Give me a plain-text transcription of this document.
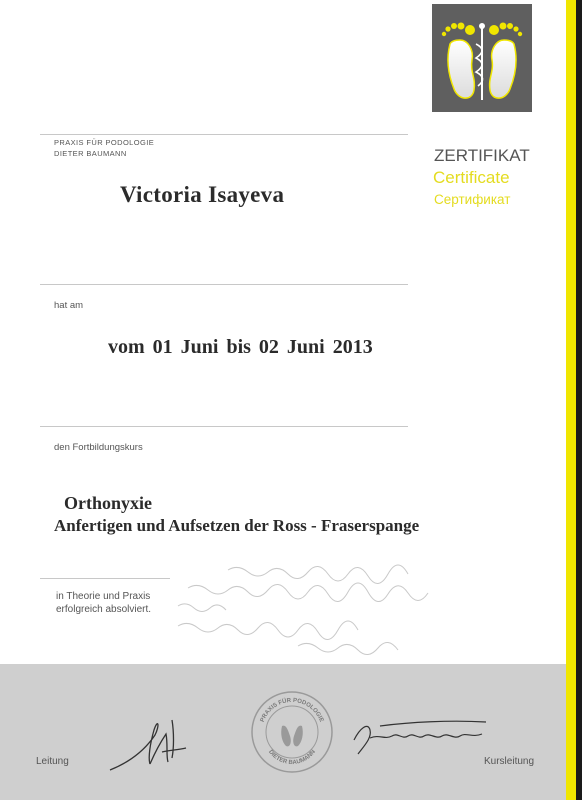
PRAXIS FÜR PODOLOGIE
DIETER BAUMANN	ZERTIFIKAT
Certificate
Сертификат
Victoria Isayeva
hat am
vom 01 Juni bis 02 Juni 2013
den Fortbildungskurs
Orthonyxie
Anfertigen und Aufsetzen der Ross - Fraserspange
in Theorie und Praxis
erfolgreich absolviert.
PRAXIS FÜR PODOLOGIE
DIETER BAUMANN
Leitung	Kursleitung
